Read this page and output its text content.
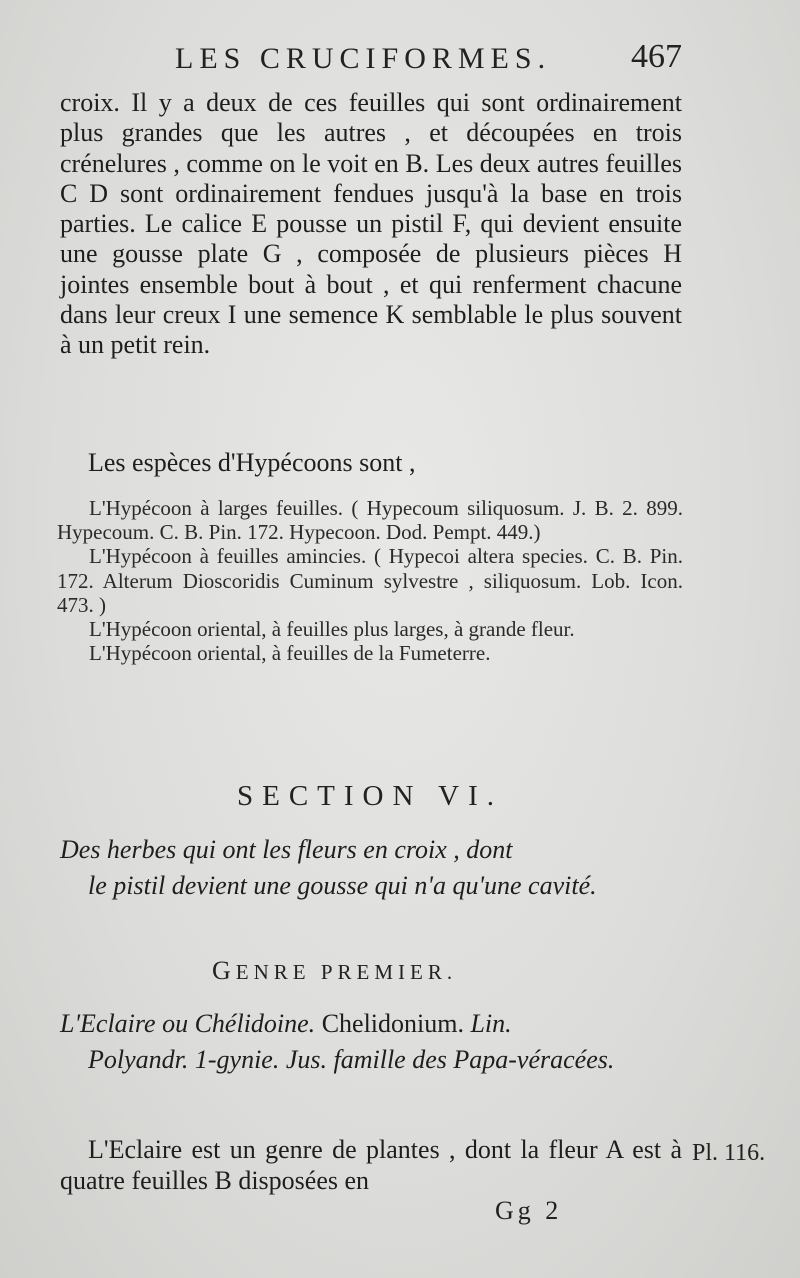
LES CRUCIFORMES. 467

croix. Il y a deux de ces feuilles qui sont ordinairement plus grandes que les autres , et découpées en trois crénelures , comme on le voit en B. Les deux autres feuilles C D sont ordinairement fendues jusqu'à la base en trois parties. Le calice E pousse un pistil F, qui devient ensuite une gousse plate G , composée de plusieurs pièces H jointes ensemble bout à bout , et qui renferment chacune dans leur creux I une semence K semblable le plus souvent à un petit rein.

Les espèces d'Hypécoons sont ,

L'Hypécoon à larges feuilles. ( Hypecoum siliquosum. J. B. 2. 899. Hypecoum. C. B. Pin. 172. Hypecoon. Dod. Pempt. 449.)

L'Hypécoon à feuilles amincies. ( Hypecoi altera species. C. B. Pin. 172. Alterum Dioscoridis Cuminum sylvestre , siliquosum. Lob. Icon. 473. )

L'Hypécoon oriental, à feuilles plus larges, à grande fleur.

L'Hypécoon oriental, à feuilles de la Fumeterre.

SECTION VI.
Des herbes qui ont les fleurs en croix , dont
le pistil devient une gousse qui n'a qu'une cavité.
GENRE PREMIER.
L'Eclaire ou Chélidoine. Chelidonium. Lin.
Polyandr. 1-gynie. Jus. famille des Papa-véracées.

L'Eclaire est un genre de plantes , dont la fleur A est à quatre feuilles B disposées en

Pl. 116.
Gg 2
